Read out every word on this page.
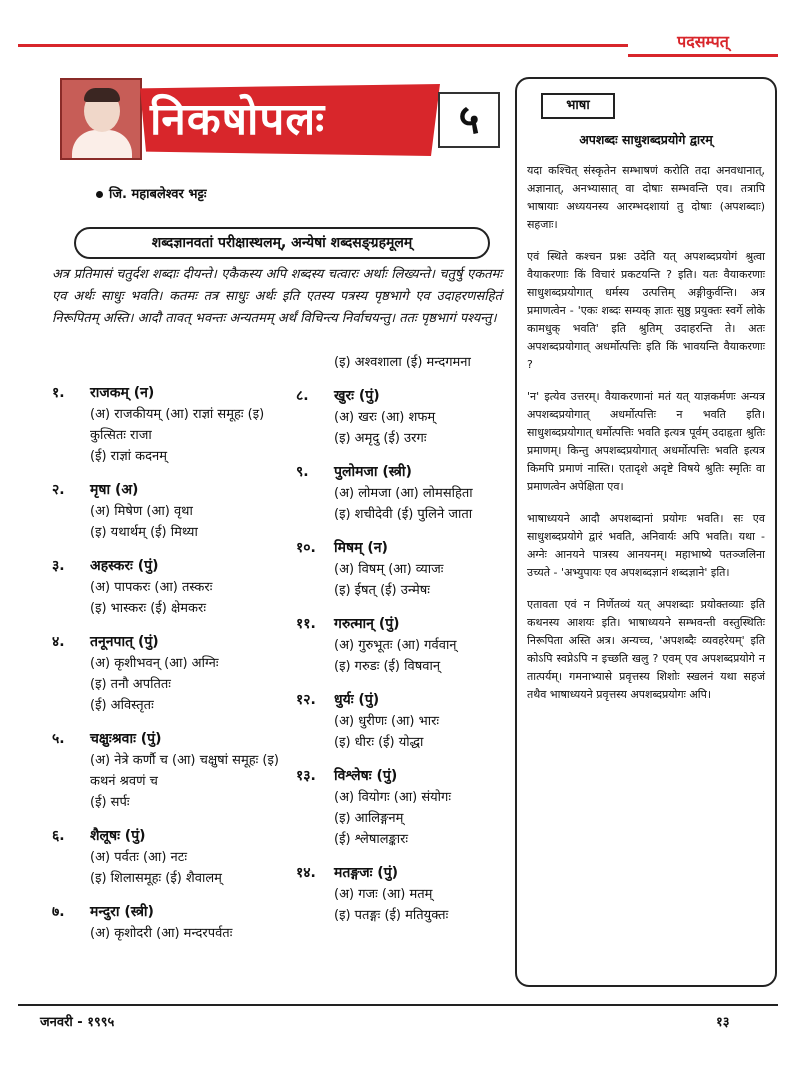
पदसम्पत्
निकषोपलः	५
जि. महाबलेश्वर भट्टः
शब्दज्ञानवतां परीक्षास्थलम्, अन्येषां शब्दसङ्ग्रहमूलम्
अत्र प्रतिमासं चतुर्दश शब्दाः दीयन्ते। एकैकस्य अपि शब्दस्य चत्वारः अर्थाः लिख्यन्ते। चतुर्षु एकतमः एव अर्थः साधुः भवति। कतमः तत्र साधुः अर्थः इति एतस्य पत्रस्य पृष्ठभागे एव उदाहरणसहितं निरूपितम् अस्ति। आदौ तावत् भवन्तः अन्यतमम् अर्थं विचिन्त्य निर्वाचयन्तु। ततः पृष्ठभागं पश्यन्तु।
१. राजकम् (न)
(अ) राजकीयम् (आ) राज्ञां समूहः (इ) कुत्सितः राजा
(ई) राज्ञां कदनम्
२. मृषा (अ)
(अ) मिषेण (आ) वृथा
(इ) यथार्थम् (ई) मिथ्या
३. अहस्करः (पुं)
(अ) पापकरः (आ) तस्करः
(इ) भास्करः (ई) क्षेमकरः
४. तनूनपात् (पुं)
(अ) कृशीभवन् (आ) अग्निः
(इ) तनौ अपतितः
(ई) अविस्तृतः
५. चक्षुःश्रवाः (पुं)
(अ) नेत्रे कर्णौ च (आ) चक्षुषां समूहः (इ) कथनं श्रवणं च
(ई) सर्पः
६. शैलूषः (पुं)
(अ) पर्वतः (आ) नटः
(इ) शिलासमूहः (ई) शैवालम्
७. मन्दुरा (स्त्री)
(अ) कृशोदरी (आ) मन्दरपर्वतः
(इ) अश्वशाला (ई) मन्दगमना
८. खुरः (पुं)
(अ) खरः (आ) शफम्
(इ) अमृदु (ई) उरगः
९. पुलोमजा (स्त्री)
(अ) लोमजा (आ) लोमसहिता
(इ) शचीदेवी (ई) पुलिने जाता
१०. मिषम् (न)
(अ) विषम् (आ) व्याजः
(इ) ईषत् (ई) उन्मेषः
११. गरुत्मान् (पुं)
(अ) गुरुभूतः (आ) गर्ववान्
(इ) गरुडः (ई) विषवान्
१२. धुर्यः (पुं)
(अ) धुरीणः (आ) भारः
(इ) धीरः (ई) योद्धा
१३. विश्लेषः (पुं)
(अ) वियोगः (आ) संयोगः
(इ) आलिङ्गनम्
(ई) श्लेषालङ्कारः
१४. मतङ्गजः (पुं)
(अ) गजः (आ) मतम्
(इ) पतङ्गः (ई) मतियुक्तः
भाषा
अपशब्दः साधुशब्दप्रयोगे द्वारम्

यदा कश्चित् संस्कृतेन सम्भाषणं करोति तदा अनवधानात्, अज्ञानात्, अनभ्यासात् वा दोषाः सम्भवन्ति एव। तत्रापि भाषायाः अध्ययनस्य आरम्भदशायां तु दोषाः (अपशब्दाः) सहजाः।

एवं स्थिते कश्चन प्रश्नः उदेति यत् अपशब्दप्रयोगं श्रुत्वा वैयाकरणाः किं विचारं प्रकटयन्ति ? इति। यतः वैयाकरणाः साधुशब्दप्रयोगात् धर्मस्य उत्पत्तिम् अङ्गीकुर्वन्ति। अत्र प्रमाणत्वेन - 'एकः शब्दः सम्यक् ज्ञातः सुष्ठु प्रयुक्तः स्वर्गे लोके कामधुक् भवति' इति श्रुतिम् उदाहरन्ति ते। अतः अपशब्दप्रयोगात् अधर्मोत्पत्तिः इति किं भावयन्ति वैयाकरणाः ?

'न' इत्येव उत्तरम्। वैयाकरणानां मतं यत् याज्ञकर्मणः अन्यत्र अपशब्दप्रयोगात् अधर्मोत्पत्तिः न भवति इति। साधुशब्दप्रयोगात् धर्मोत्पत्तिः भवति इत्यत्र पूर्वम् उदाहृता श्रुतिः प्रमाणम्। किन्तु अपशब्दप्रयोगात् अधर्मोत्पत्तिः भवति इत्यत्र किमपि प्रमाणं नास्ति। एतादृशे अदृष्टे विषये श्रुतिः स्मृतिः वा प्रमाणत्वेन अपेक्षिता एव।

भाषाध्ययने आदौ अपशब्दानां प्रयोगः भवति। सः एव साधुशब्दप्रयोगे द्वारं भवति, अनिवार्यः अपि भवति। यथा - अग्नेः आनयने पात्रस्य आनयनम्। महाभाष्ये पतञ्जलिना उच्यते - 'अभ्युपायः एव अपशब्दज्ञानं शब्दज्ञाने' इति।

एतावता एवं न निर्णेतव्यं यत् अपशब्दाः प्रयोक्तव्याः इति कथनस्य आशयः इति। भाषाध्ययने सम्भवन्ती वस्तुस्थितिः निरूपिता अस्ति अत्र। अन्यच्च, 'अपशब्दैः व्यवहरेयम्' इति कोऽपि स्वप्नेऽपि न इच्छति खलु ? एवम् एव अपशब्दप्रयोगे न तात्पर्यम्। गमनाभ्यासे प्रवृत्तस्य शिशोः स्खलनं यथा सहजं तथैव भाषाध्ययने प्रवृत्तस्य अपशब्दप्रयोगः अपि।

जनवरी - १९९५	१३
